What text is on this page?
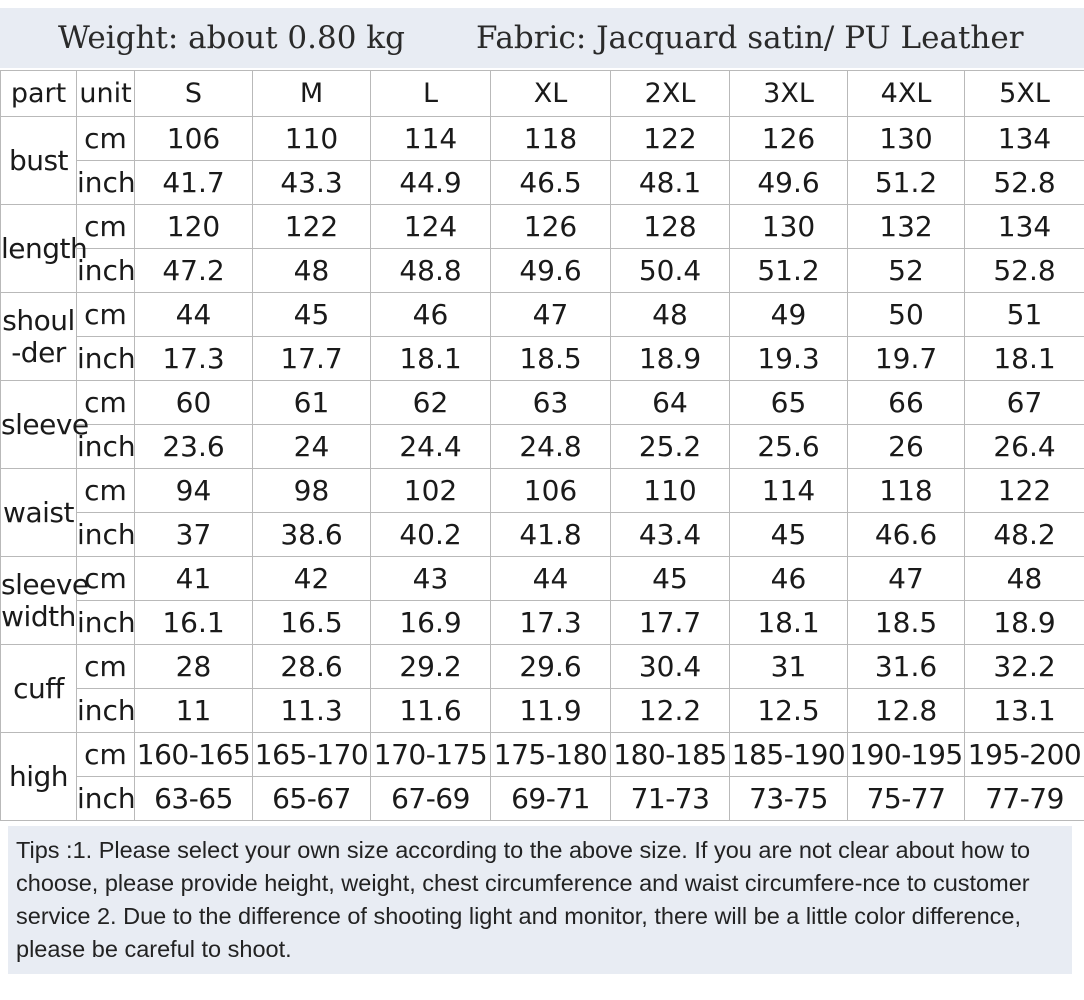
Weight: about 0.80 kg Fabric: Jacquard satin/ PU Leather
part	unit	S	M	L	XL	2XL	3XL	4XL	5XL
bust	cm	106	110	114	118	122	126	130	134
	inch	41.7	43.3	44.9	46.5	48.1	49.6	51.2	52.8
length	cm	120	122	124	126	128	130	132	134
	inch	47.2	48	48.8	49.6	50.4	51.2	52	52.8
shoul -der	cm	44	45	46	47	48	49	50	51
	inch	17.3	17.7	18.1	18.5	18.9	19.3	19.7	18.1
sleeve	cm	60	61	62	63	64	65	66	67
	inch	23.6	24	24.4	24.8	25.2	25.6	26	26.4
waist	cm	94	98	102	106	110	114	118	122
	inch	37	38.6	40.2	41.8	43.4	45	46.6	48.2
sleeve width	cm	41	42	43	44	45	46	47	48
	inch	16.1	16.5	16.9	17.3	17.7	18.1	18.5	18.9
cuff	cm	28	28.6	29.2	29.6	30.4	31	31.6	32.2
	inch	11	11.3	11.6	11.9	12.2	12.5	12.8	13.1
high	cm	160-165	165-170	170-175	175-180	180-185	185-190	190-195	195-200
	inch	63-65	65-67	67-69	69-71	71-73	73-75	75-77	77-79

Tips :1. Please select your own size according to the above size. If you are not clear about how to choose, please provide height, weight, chest circumference and waist circumfere-nce to customer service 2. Due to the difference of shooting light and monitor, there will be a little color difference, please be careful to shoot.
